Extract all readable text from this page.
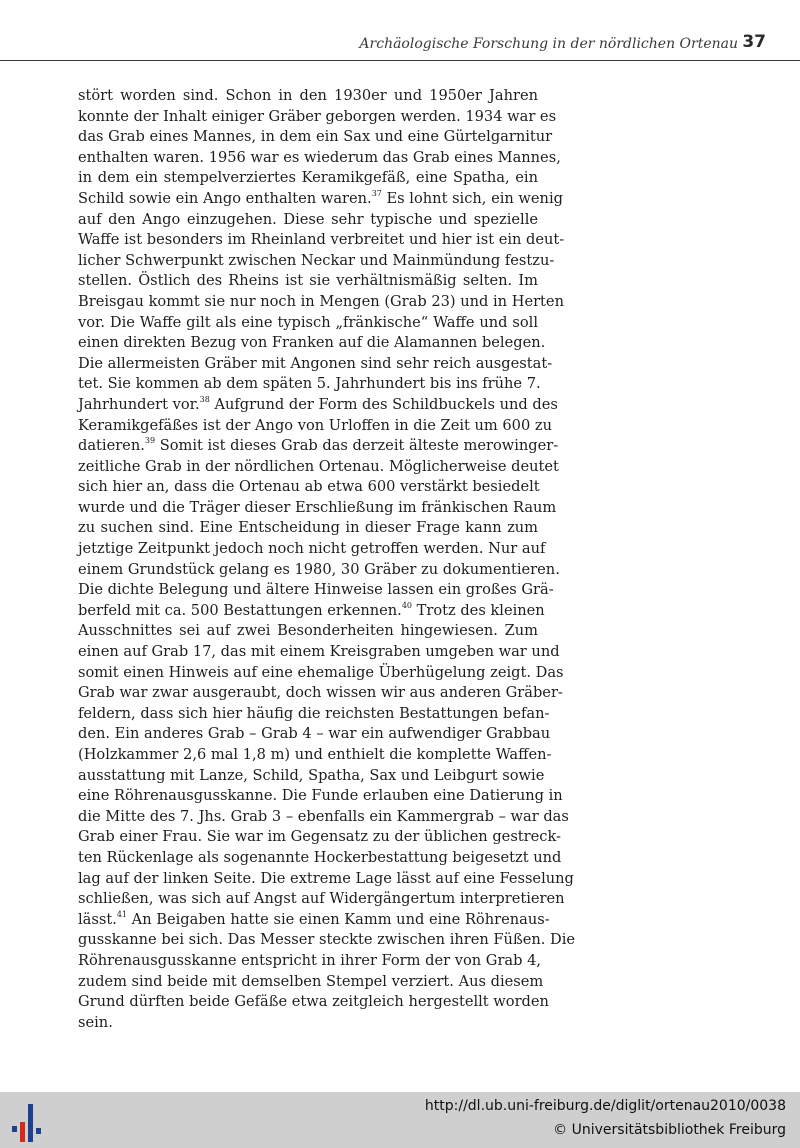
Archäologische Forschung in der nördlichen Ortenau 37
stört worden sind. Schon in den 1930er und 1950er Jahren
konnte der Inhalt einiger Gräber geborgen werden. 1934 war es
das Grab eines Mannes, in dem ein Sax und eine Gürtelgarnitur
enthalten waren. 1956 war es wiederum das Grab eines Mannes,
in dem ein stempelverziertes Keramikgefäß, eine Spatha, ein
Schild sowie ein Ango enthalten waren.$^{37}$ Es lohnt sich, ein wenig
auf den Ango einzugehen. Diese sehr typische und spezielle
Waffe ist besonders im Rheinland verbreitet und hier ist ein deut-
licher Schwerpunkt zwischen Neckar und Mainmündung festzu-
stellen. Östlich des Rheins ist sie verhältnismäßig selten. Im
Breisgau kommt sie nur noch in Mengen (Grab 23) und in Herten
vor. Die Waffe gilt als eine typisch „fränkische“ Waffe und soll
einen direkten Bezug von Franken auf die Alamannen belegen.
Die allermeisten Gräber mit Angonen sind sehr reich ausgestat-
tet. Sie kommen ab dem späten 5. Jahrhundert bis ins frühe 7.
Jahrhundert vor.$^{38}$ Aufgrund der Form des Schildbuckels und des
Keramikgefäßes ist der Ango von Urloffen in die Zeit um 600 zu
datieren.$^{39}$ Somit ist dieses Grab das derzeit älteste merowinger-
zeitliche Grab in der nördlichen Ortenau. Möglicherweise deutet
sich hier an, dass die Ortenau ab etwa 600 verstärkt besiedelt
wurde und die Träger dieser Erschließung im fränkischen Raum
zu suchen sind. Eine Entscheidung in dieser Frage kann zum
jetztige Zeitpunkt jedoch noch nicht getroffen werden. Nur auf
einem Grundstück gelang es 1980, 30 Gräber zu dokumentieren.
Die dichte Belegung und ältere Hinweise lassen ein großes Grä-
berfeld mit ca. 500 Bestattungen erkennen.$^{40}$ Trotz des kleinen
Ausschnittes sei auf zwei Besonderheiten hingewiesen. Zum
einen auf Grab 17, das mit einem Kreisgraben umgeben war und
somit einen Hinweis auf eine ehemalige Überhügelung zeigt. Das
Grab war zwar ausgeraubt, doch wissen wir aus anderen Gräber-
feldern, dass sich hier häufig die reichsten Bestattungen befan-
den. Ein anderes Grab – Grab 4 – war ein aufwendiger Grabbau
(Holzkammer 2,6 mal 1,8 m) und enthielt die komplette Waffen-
ausstattung mit Lanze, Schild, Spatha, Sax und Leibgurt sowie
eine Röhrenausgusskanne. Die Funde erlauben eine Datierung in
die Mitte des 7. Jhs. Grab 3 – ebenfalls ein Kammergrab – war das
Grab einer Frau. Sie war im Gegensatz zu der üblichen gestreck-
ten Rückenlage als sogenannte Hockerbestattung beigesetzt und
lag auf der linken Seite. Die extreme Lage lässt auf eine Fesselung
schließen, was sich auf Angst auf Widergängertum interpretieren
lässt.$^{41}$ An Beigaben hatte sie einen Kamm und eine Röhrenaus-
gusskanne bei sich. Das Messer steckte zwischen ihren Füßen. Die
Röhrenausgusskanne entspricht in ihrer Form der von Grab 4,
zudem sind beide mit demselben Stempel verziert. Aus diesem
Grund dürften beide Gefäße etwa zeitgleich hergestellt worden
sein.
http://dl.ub.uni-freiburg.de/diglit/ortenau2010/0038
© Universitätsbibliothek Freiburg
